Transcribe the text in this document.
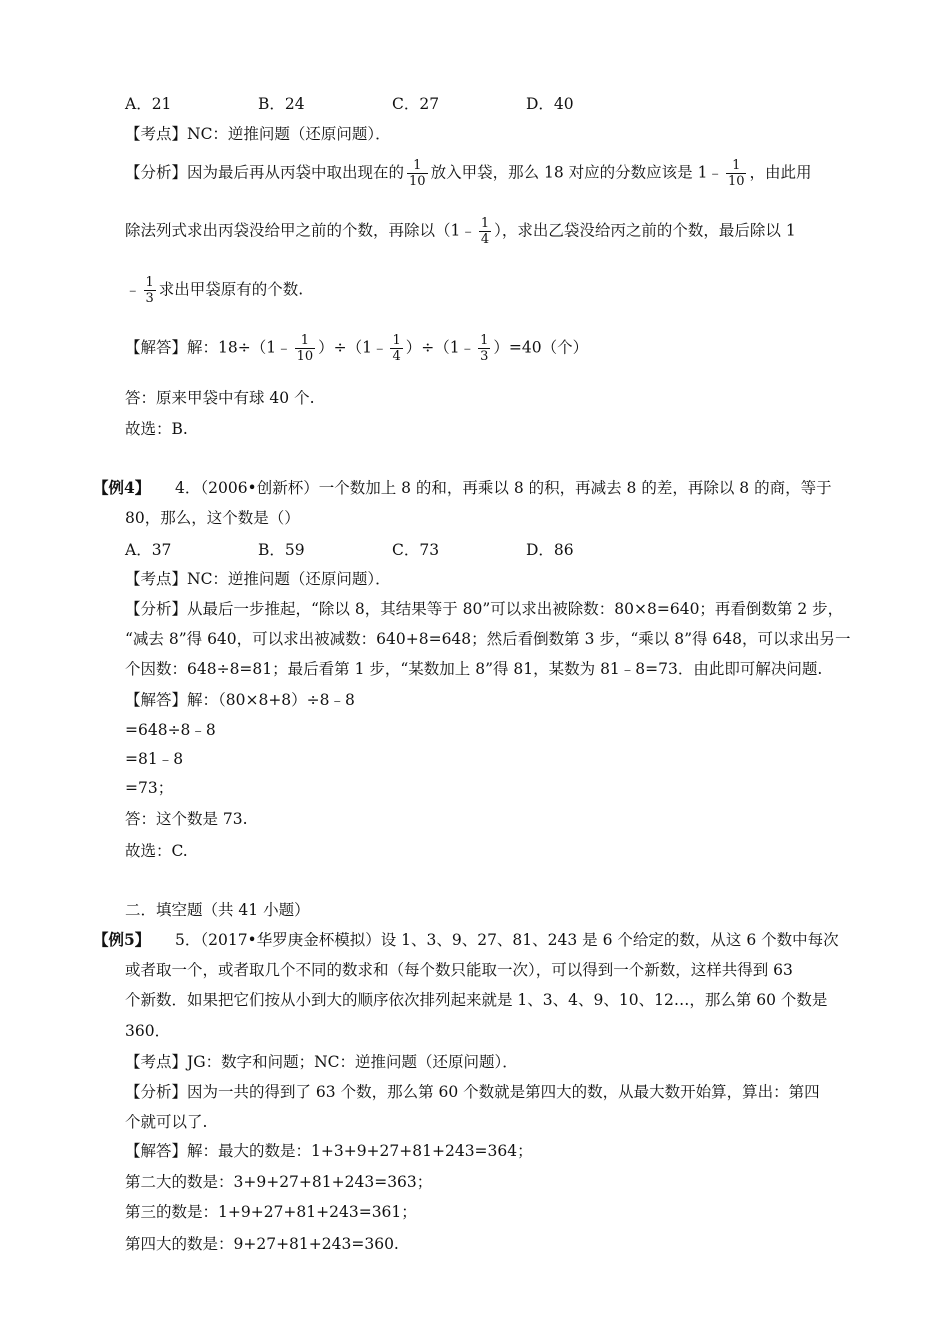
A．21	B．24	C．27	D．40
【考点】NC：逆推问题（还原问题）．
【分析】因为最后再从丙袋中取出现在的 $\frac{1}{10}$ 放入甲袋，那么 18 对应的分数应该是 1﹣ $\frac{1}{10}$ ，由此用
除法列式求出丙袋没给甲之前的个数，再除以（1﹣ $\frac{1}{4}$ ），求出乙袋没给丙之前的个数，最后除以 1
﹣ $\frac{1}{3}$ 求出甲袋原有的个数.
【解答】解：18÷（1﹣ $\frac{1}{10}$ ）÷（1﹣ $\frac{1}{4}$ ）÷（1﹣ $\frac{1}{3} )=40$（个）
答：原来甲袋中有球 40 个.
故选：B.
【例4】 4．（2006•创新杯）一个数加上 8 的和，再乘以 8 的积，再减去 8 的差，再除以 8 的商，等于
80，那么，这个数是（）
A．37	B．59	C．73	D．86
【考点】NC：逆推问题（还原问题）．
【分析】从最后一步推起，“除以 8，其结果等于 80”可以求出被除数：80×8=640；再看倒数第 2 步，
“减去 8”得 640，可以求出被减数：640+8=648；然后看倒数第 3 步，“乘以 8”得 648，可以求出另一
个因数：648÷8=81；最后看第 1 步，“某数加上 8”得 81，某数为 81﹣8=73．由此即可解决问题.
【解答】解：（80×8+8）÷8﹣8
=648÷8﹣8
=81﹣8
=73；
答：这个数是 73.
故选：C.
二．填空题（共 41 小题）
【例5】 5．（2017•华罗庚金杯模拟）设 1、3、9、27、81、243 是 6 个给定的数，从这 6 个数中每次
或者取一个，或者取几个不同的数求和（每个数只能取一次），可以得到一个新数，这样共得到 63
个新数．如果把它们按从小到大的顺序依次排列起来就是 1、3、4、9、10、12…，那么第 60 个数是
360．
【考点】JG：数字和问题；NC：逆推问题（还原问题）．
【分析】因为一共的得到了 63 个数，那么第 60 个数就是第四大的数，从最大数开始算，算出：第四
个就可以了.
【解答】解：最大的数是：1+3+9+27+81+243=364；
第二大的数是：3+9+27+81+243=363；
第三的数是：1+9+27+81+243=361；
第四大的数是：9+27+81+243=360.
